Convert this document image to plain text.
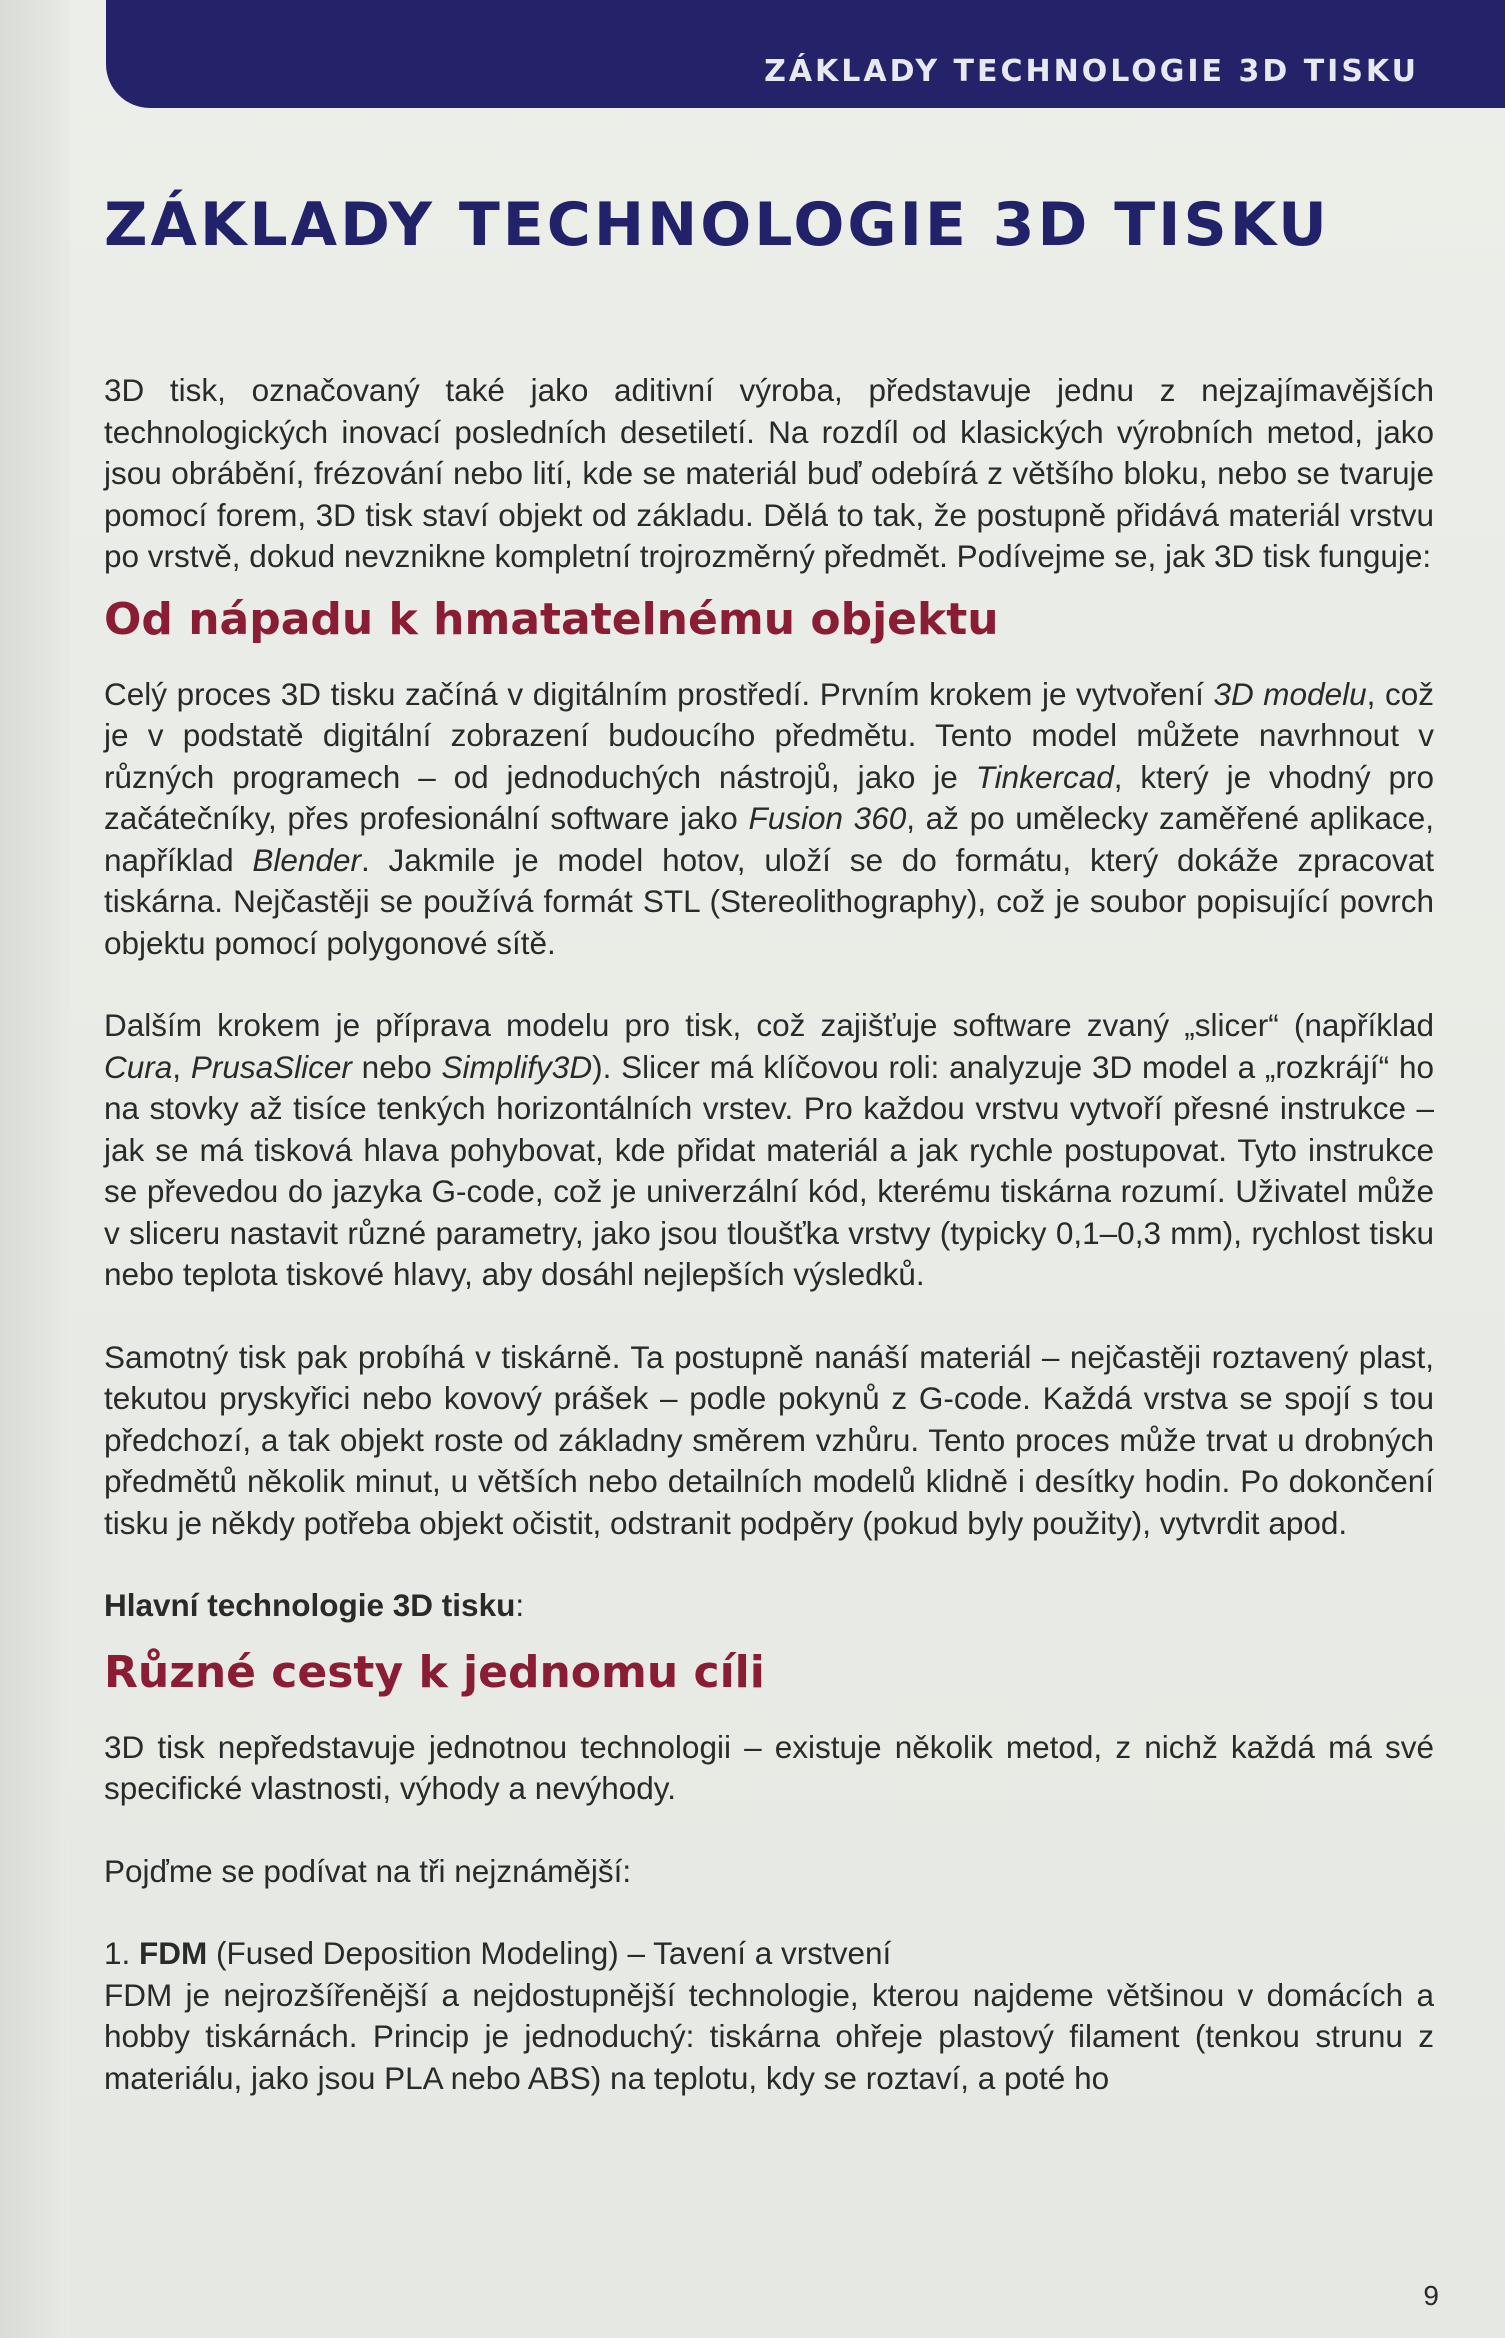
ZÁKLADY TECHNOLOGIE 3D TISKU
ZÁKLADY TECHNOLOGIE 3D TISKU

3D tisk, označovaný také jako aditivní výroba, představuje jednu z nejzajímavějších technologických inovací posledních desetiletí. Na rozdíl od klasických výrobních metod, jako jsou obrábění, frézování nebo lití, kde se materiál buď odebírá z většího bloku, nebo se tvaruje pomocí forem, 3D tisk staví objekt od základu. Dělá to tak, že postupně přidává materiál vrstvu po vrstvě, dokud nevznikne kompletní trojrozměrný předmět. Podívejme se, jak 3D tisk funguje:

Od nápadu k hmatatelnému objektu

Celý proces 3D tisku začíná v digitálním prostředí. Prvním krokem je vytvoření 3D modelu, což je v podstatě digitální zobrazení budoucího předmětu. Tento model můžete navrhnout v různých programech – od jednoduchých nástrojů, jako je Tinkercad, který je vhodný pro začátečníky, přes profesionální software jako Fusion 360, až po umělecky zaměřené aplikace, například Blender. Jakmile je model hotov, uloží se do formátu, který dokáže zpracovat tiskárna. Nejčastěji se používá formát STL (Stereolithography), což je soubor popisující povrch objektu pomocí polygonové sítě.

Dalším krokem je příprava modelu pro tisk, což zajišťuje software zvaný „slicer“ (například Cura, PrusaSlicer nebo Simplify3D). Slicer má klíčovou roli: analyzuje 3D model a „rozkrájí“ ho na stovky až tisíce tenkých horizontálních vrstev. Pro každou vrstvu vytvoří přesné instrukce – jak se má tisková hlava pohybovat, kde přidat materiál a jak rychle postupovat. Tyto instrukce se převedou do jazyka G-code, což je univerzální kód, kterému tiskárna rozumí. Uživatel může v sliceru nastavit různé parametry, jako jsou tloušťka vrstvy (typicky 0,1–0,3 mm), rychlost tisku nebo teplota tiskové hlavy, aby dosáhl nejlepších výsledků.

Samotný tisk pak probíhá v tiskárně. Ta postupně nanáší materiál – nejčastěji roztavený plast, tekutou pryskyřici nebo kovový prášek – podle pokynů z G-code. Každá vrstva se spojí s tou předchozí, a tak objekt roste od základny směrem vzhůru. Tento proces může trvat u drobných předmětů několik minut, u větších nebo detailních modelů klidně i desítky hodin. Po dokončení tisku je někdy potřeba objekt očistit, odstranit podpěry (pokud byly použity), vytvrdit apod.

Hlavní technologie 3D tisku:

Různé cesty k jednomu cíli

3D tisk nepředstavuje jednotnou technologii – existuje několik metod, z nichž každá má své specifické vlastnosti, výhody a nevýhody.

Pojďme se podívat na tři nejznámější:

1. FDM (Fused Deposition Modeling) – Tavení a vrstvení

FDM je nejrozšířenější a nejdostupnější technologie, kterou najdeme většinou v domácích a hobby tiskárnách. Princip je jednoduchý: tiskárna ohřeje plastový filament (tenkou strunu z materiálu, jako jsou PLA nebo ABS) na teplotu, kdy se roztaví, a poté ho

9
